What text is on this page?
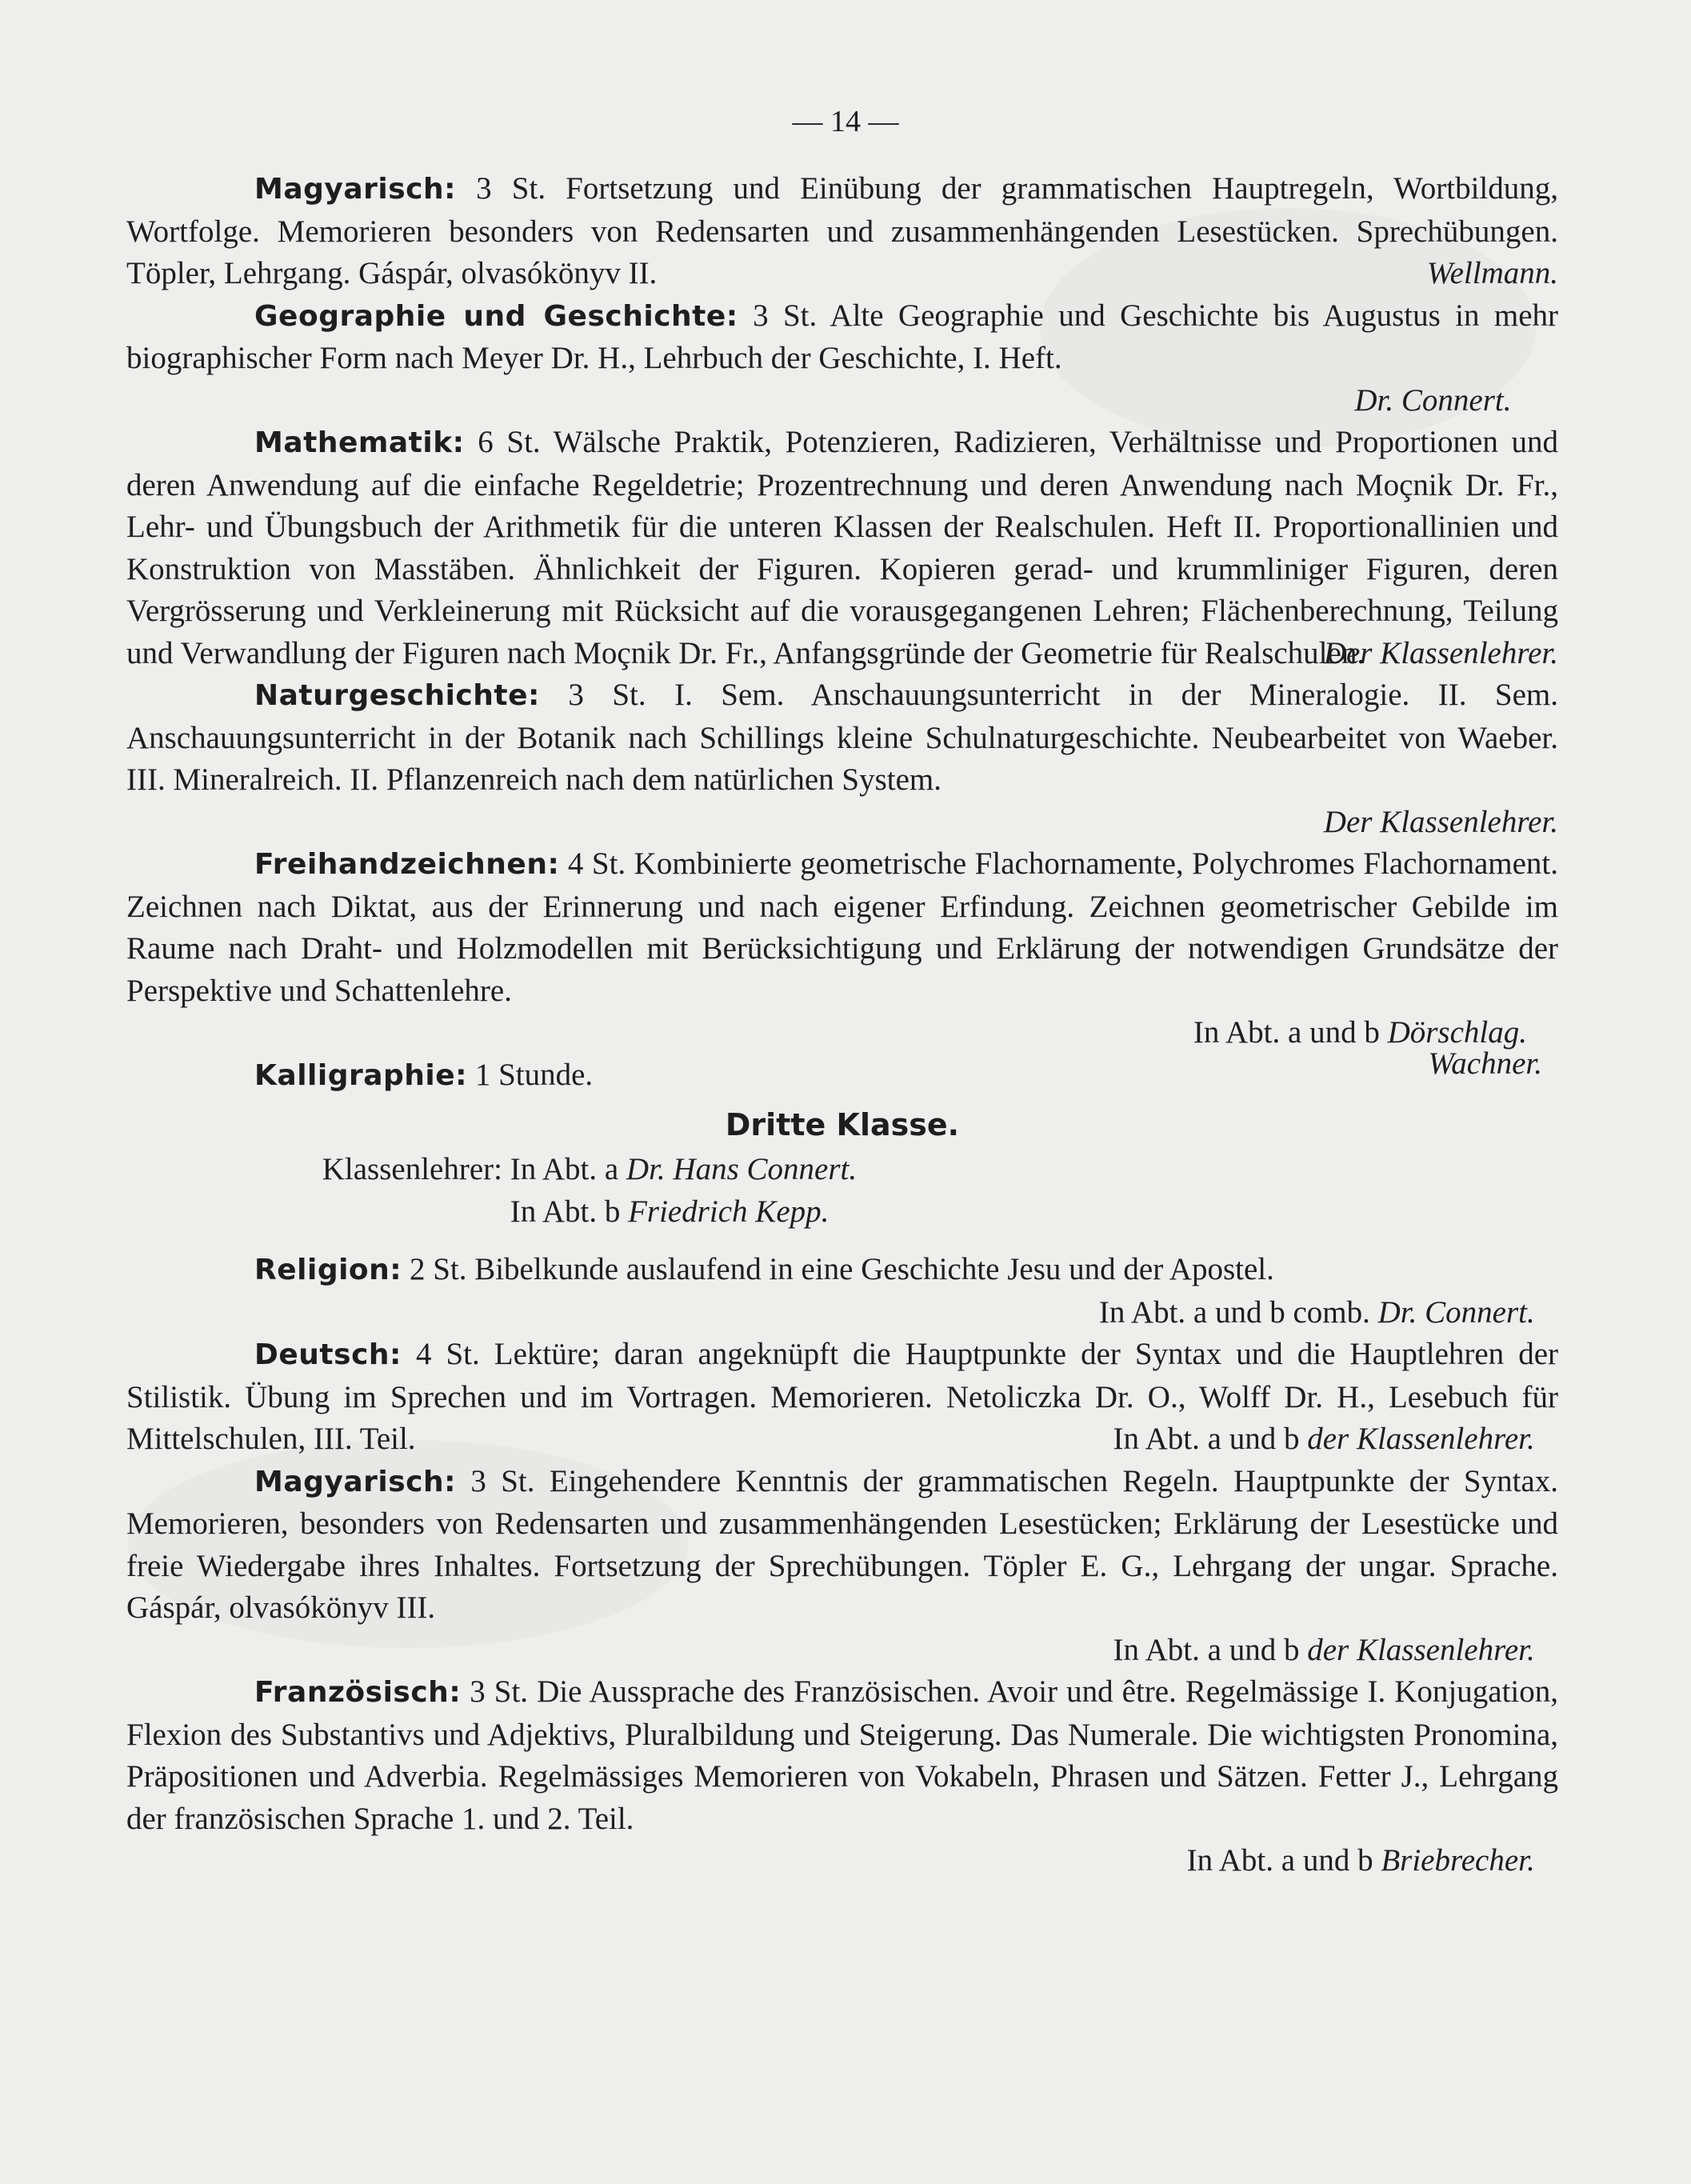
— 14 —

Magyarisch: 3 St. Fortsetzung und Einübung der grammatischen Hauptregeln, Wortbildung, Wortfolge. Memorieren besonders von Redensarten und zusammenhängenden Lesestücken. Sprechübungen. Töpler, Lehrgang. Gáspár, olvasókönyv II.	Wellmann.

Geographie und Geschichte: 3 St. Alte Geographie und Geschichte bis Augustus in mehr biographischer Form nach Meyer Dr. H., Lehrbuch der Geschichte, I. Heft.

Dr. Connert.

Mathematik: 6 St. Wälsche Praktik, Potenzieren, Radizieren, Verhältnisse und Proportionen und deren Anwendung auf die einfache Regeldetrie; Prozentrechnung und deren Anwendung nach Moçnik Dr. Fr., Lehr- und Übungsbuch der Arithmetik für die unteren Klassen der Realschulen. Heft II. Proportionallinien und Konstruktion von Masstäben. Ähnlichkeit der Figuren. Kopieren gerad- und krummliniger Figuren, deren Vergrösserung und Verkleinerung mit Rücksicht auf die vorausgegangenen Lehren; Flächenberechnung, Teilung und Verwandlung der Figuren nach Moçnik Dr. Fr., Anfangsgründe der Geometrie für Realschulen.

Der Klassenlehrer.

Naturgeschichte: 3 St. I. Sem. Anschauungsunterricht in der Mineralogie. II. Sem. Anschauungsunterricht in der Botanik nach Schillings kleine Schulnaturgeschichte. Neubearbeitet von Waeber. III. Mineralreich. II. Pflanzenreich nach dem natürlichen System.

Der Klassenlehrer.

Freihandzeichnen: 4 St. Kombinierte geometrische Flachornamente, Polychromes Flachornament. Zeichnen nach Diktat, aus der Erinnerung und nach eigener Erfindung. Zeichnen geometrischer Gebilde im Raume nach Draht- und Holzmodellen mit Berücksichtigung und Erklärung der notwendigen Grundsätze der Perspektive und Schattenlehre.

In Abt. a und b Dörschlag.

Kalligraphie: 1 Stunde.	Wachner.

Dritte Klasse.

Klassenlehrer: In Abt. a Dr. Hans Connert.

In Abt. b Friedrich Kepp.

Religion: 2 St. Bibelkunde auslaufend in eine Geschichte Jesu und der Apostel.

In Abt. a und b comb. Dr. Connert.

Deutsch: 4 St. Lektüre; daran angeknüpft die Hauptpunkte der Syntax und die Hauptlehren der Stilistik. Übung im Sprechen und im Vortragen. Memorieren. Netoliczka Dr. O., Wolff Dr. H., Lesebuch für Mittelschulen, III. Teil.	In Abt. a und b der Klassenlehrer.

Magyarisch: 3 St. Eingehendere Kenntnis der grammatischen Regeln. Hauptpunkte der Syntax. Memorieren, besonders von Redensarten und zusammenhängenden Lesestücken; Erklärung der Lesestücke und freie Wiedergabe ihres Inhaltes. Fortsetzung der Sprechübungen. Töpler E. G., Lehrgang der ungar. Sprache. Gáspár, olvasókönyv III.

In Abt. a und b der Klassenlehrer.

Französisch: 3 St. Die Aussprache des Französischen. Avoir und être. Regelmässige I. Konjugation, Flexion des Substantivs und Adjektivs, Pluralbildung und Steigerung. Das Numerale. Die wichtigsten Pronomina, Präpositionen und Adverbia. Regelmässiges Memorieren von Vokabeln, Phrasen und Sätzen. Fetter J., Lehrgang der französischen Sprache 1. und 2. Teil.

In Abt. a und b Briebrecher.
